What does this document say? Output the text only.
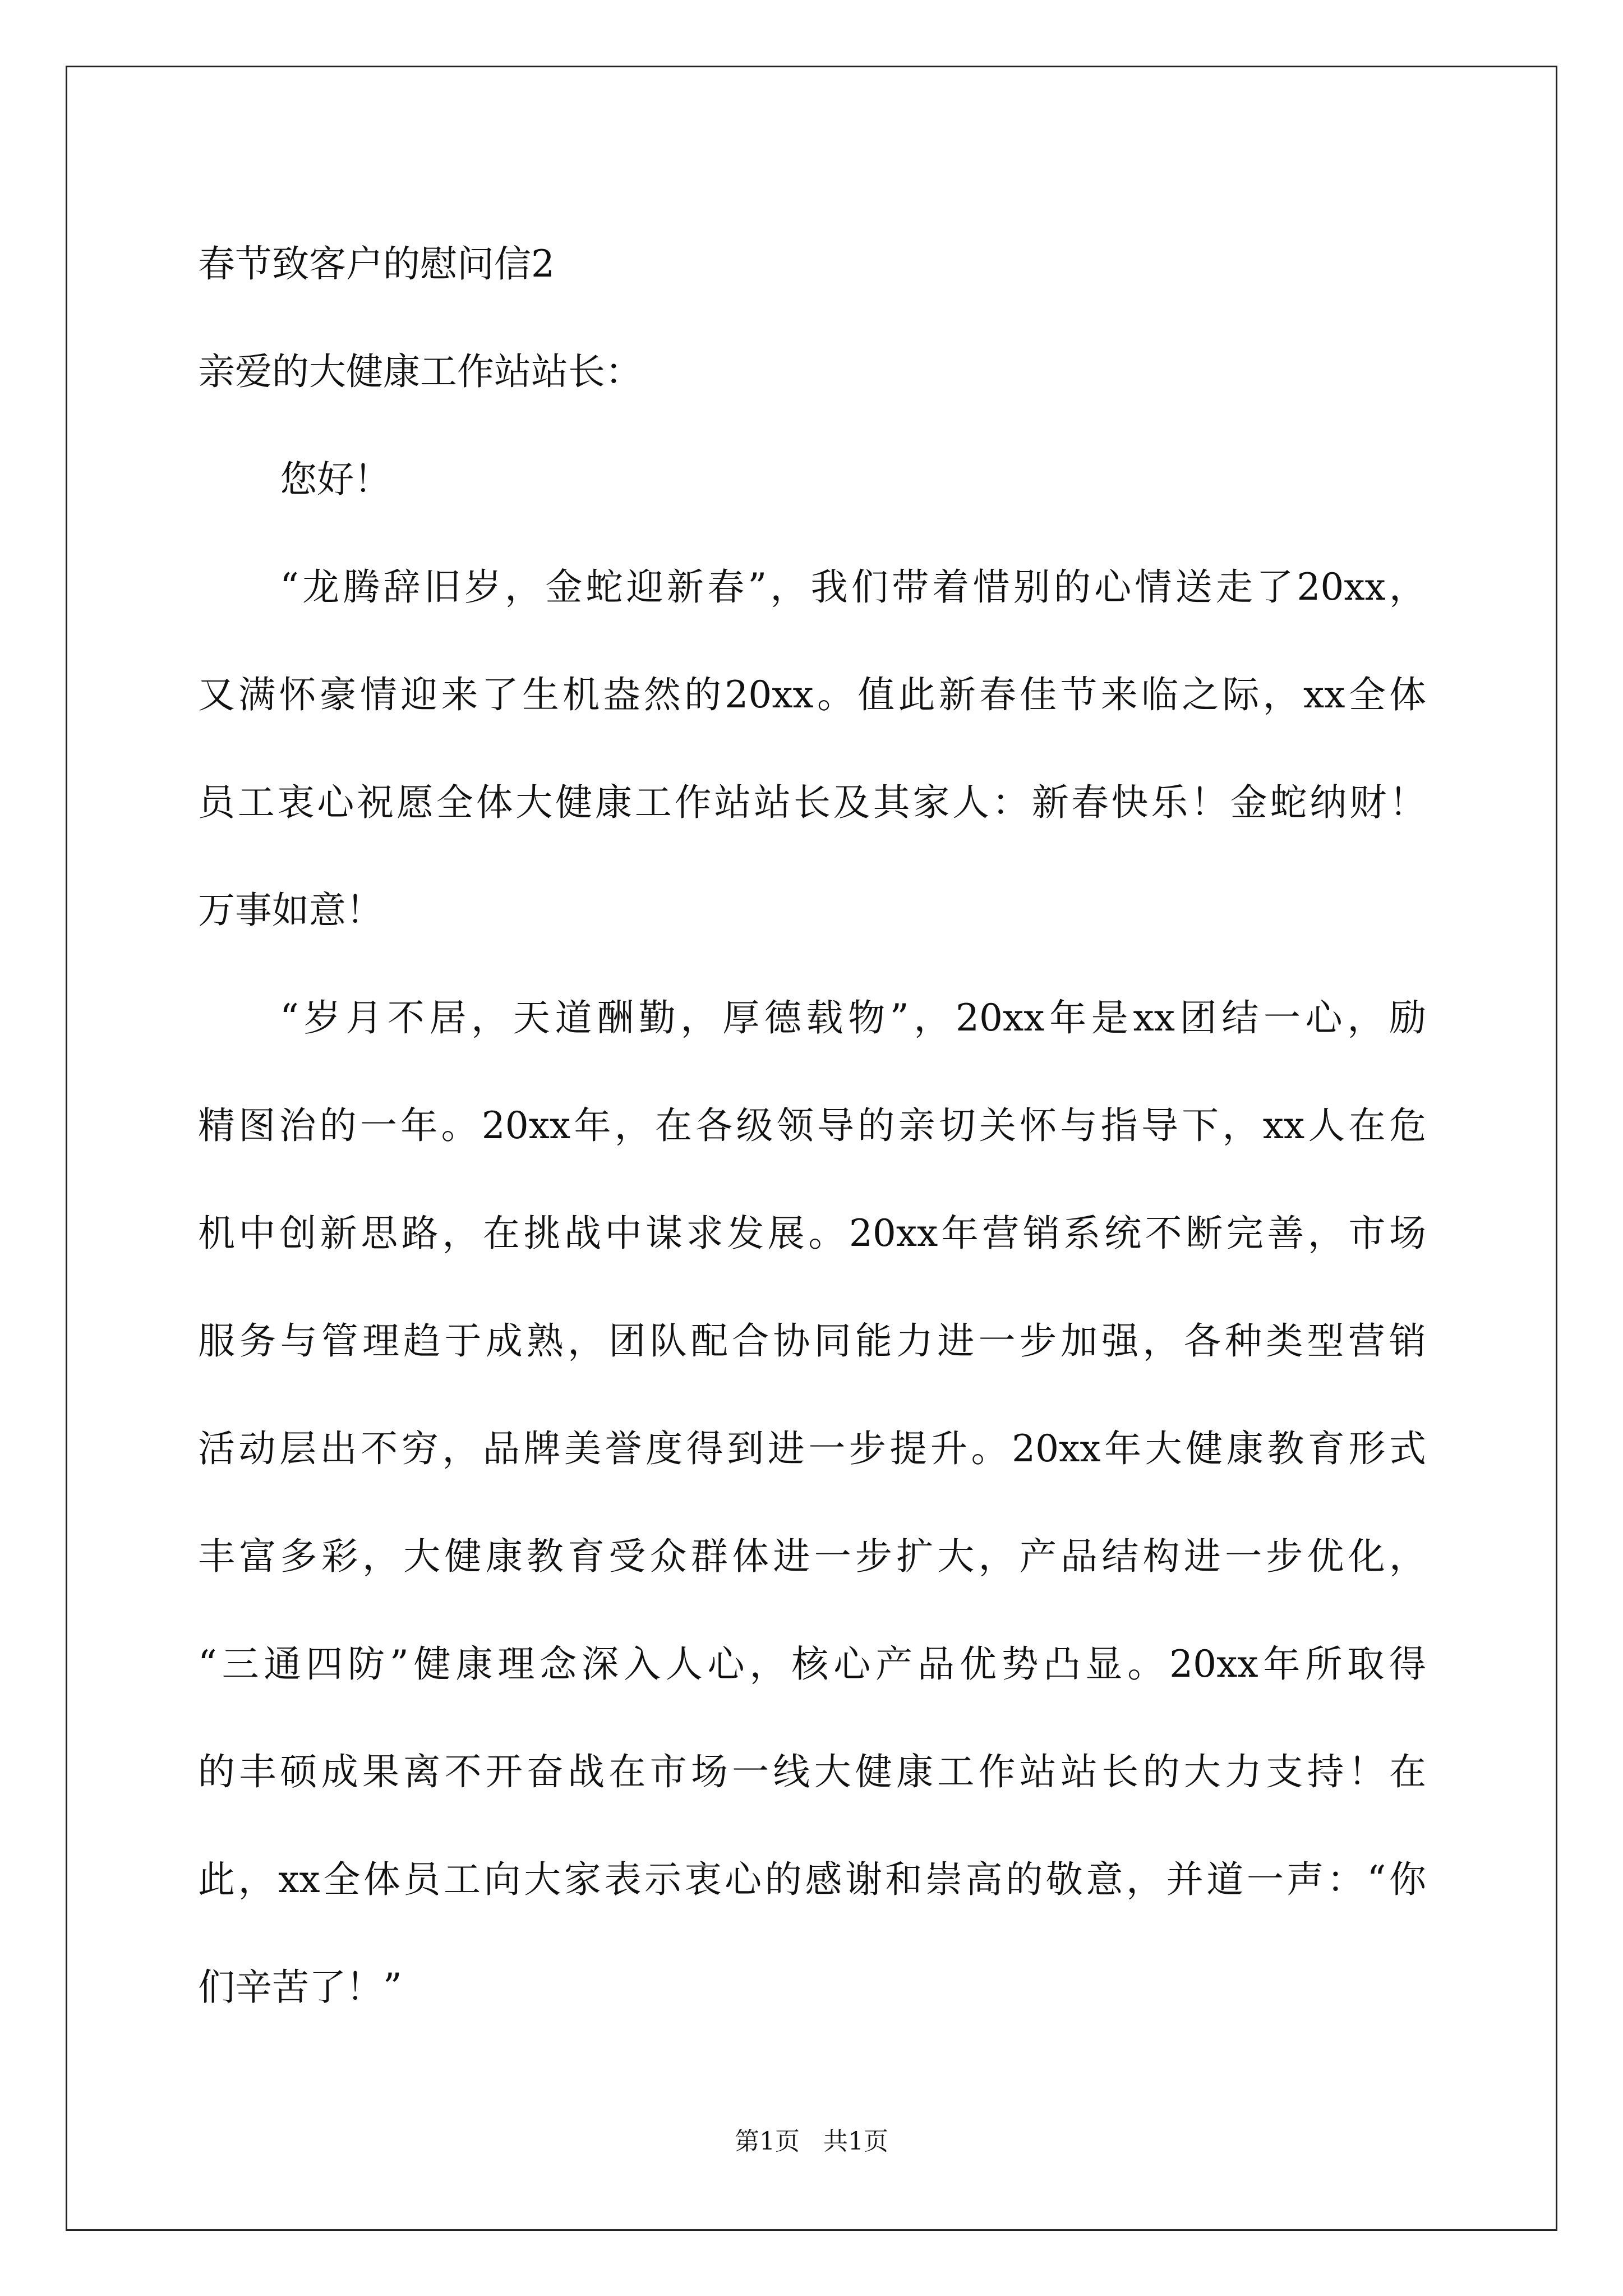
春节致客户的慰问信2

亲爱的大健康工作站站长：

您好！

“龙腾辞旧岁，金蛇迎新春”，我们带着惜别的心情送走了20xx，

又满怀豪情迎来了生机盎然的20xx。值此新春佳节来临之际，xx全体

员工衷心祝愿全体大健康工作站站长及其家人：新春快乐！金蛇纳财！

万事如意！

“岁月不居，天道酬勤，厚德载物”，20xx年是xx团结一心，励

精图治的一年。20xx年，在各级领导的亲切关怀与指导下，xx人在危

机中创新思路，在挑战中谋求发展。20xx年营销系统不断完善，市场

服务与管理趋于成熟，团队配合协同能力进一步加强，各种类型营销

活动层出不穷，品牌美誉度得到进一步提升。20xx年大健康教育形式

丰富多彩，大健康教育受众群体进一步扩大，产品结构进一步优化，

“三通四防”健康理念深入人心，核心产品优势凸显。20xx年所取得

的丰硕成果离不开奋战在市场一线大健康工作站站长的大力支持！在

此，xx全体员工向大家表示衷心的感谢和崇高的敬意，并道一声：“你

们辛苦了！”

第1页 共1页
